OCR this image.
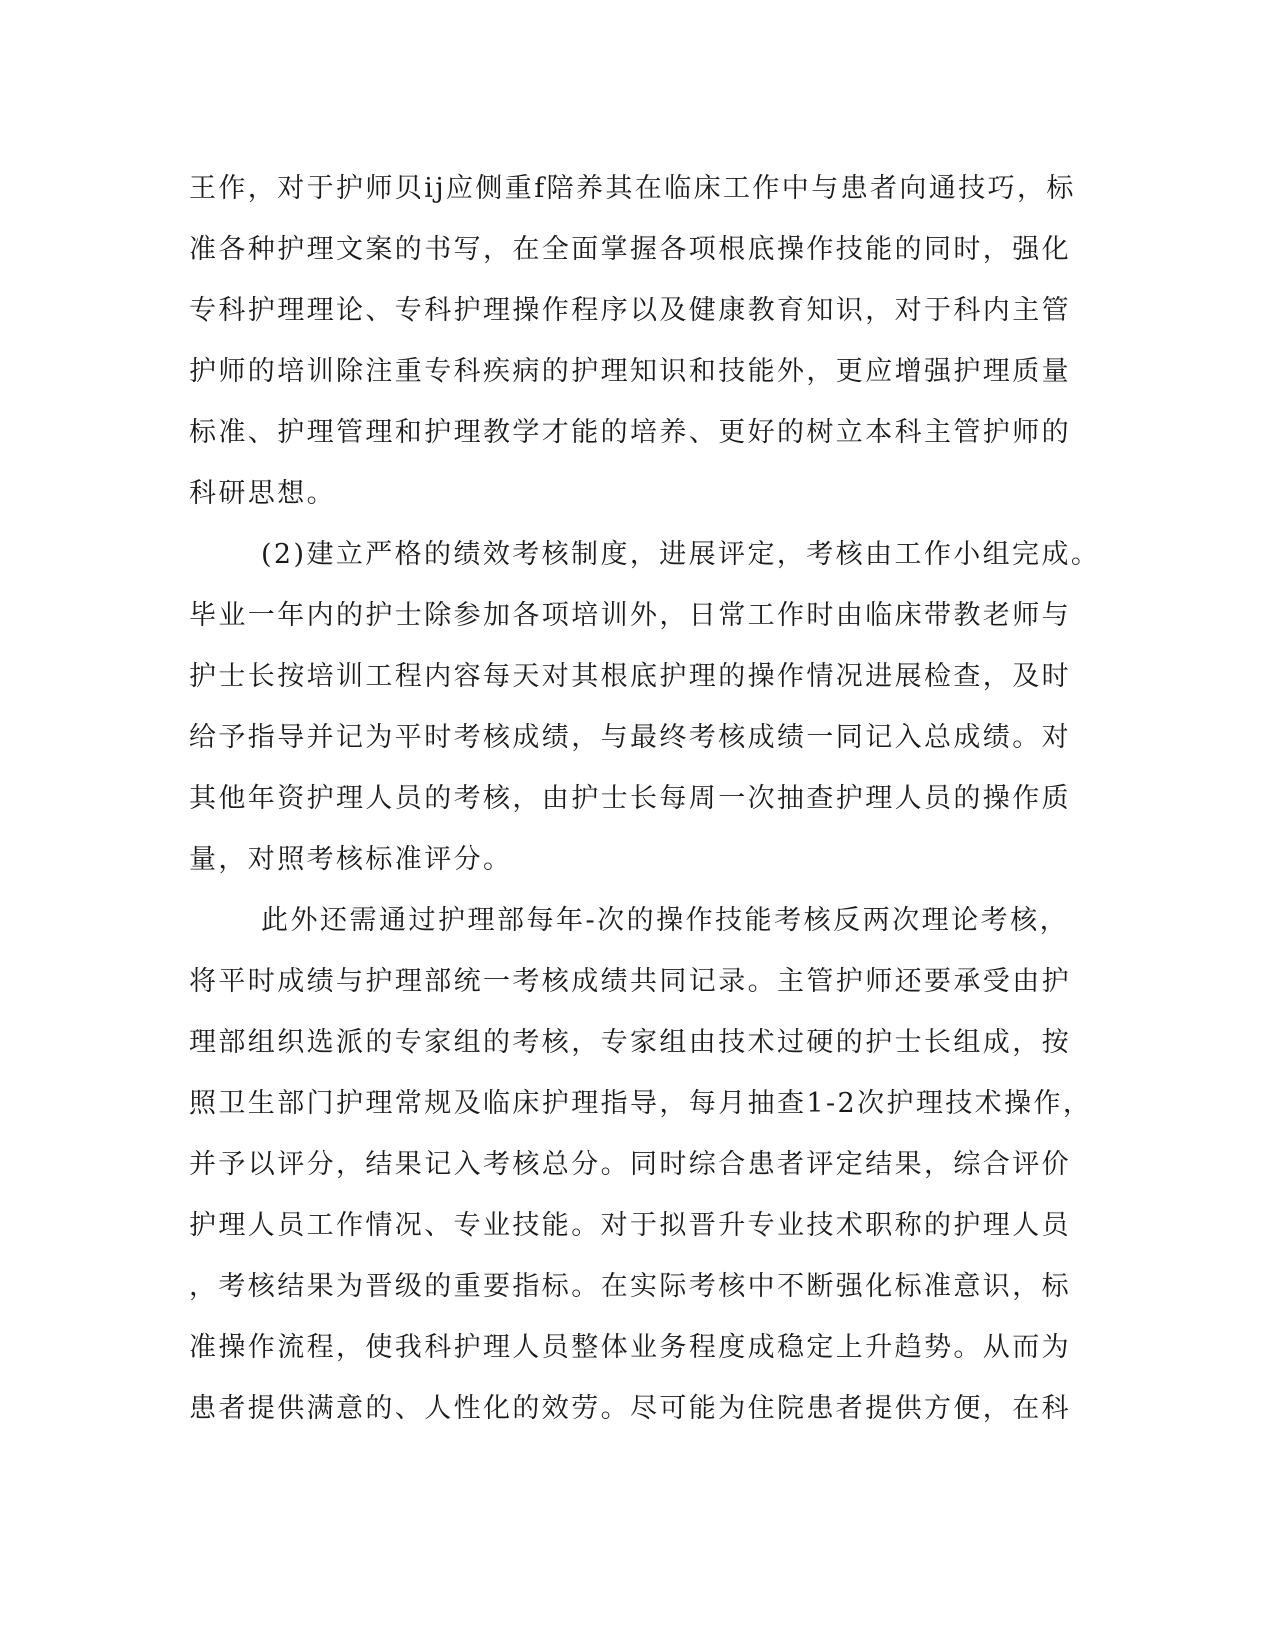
王作，对于护师贝ij应侧重f陪养其在临床工作中与患者向通技巧，标
准各种护理文案的书写，在全面掌握各项根底操作技能的同时，强化
专科护理理论、专科护理操作程序以及健康教育知识，对于科内主管
护师的培训除注重专科疾病的护理知识和技能外，更应增强护理质量
标准、护理管理和护理教学才能的培养、更好的树立本科主管护师的
科研思想。
(2)建立严格的绩效考核制度，进展评定，考核由工作小组完成。
毕业一年内的护士除参加各项培训外，日常工作时由临床带教老师与
护士长按培训工程内容每天对其根底护理的操作情况进展检查，及时
给予指导并记为平时考核成绩，与最终考核成绩一同记入总成绩。对
其他年资护理人员的考核，由护士长每周一次抽查护理人员的操作质
量，对照考核标准评分。
此外还需通过护理部每年-次的操作技能考核反两次理论考核，
将平时成绩与护理部统一考核成绩共同记录。主管护师还要承受由护
理部组织选派的专家组的考核，专家组由技术过硬的护士长组成，按
照卫生部门护理常规及临床护理指导，每月抽查1-2次护理技术操作，
并予以评分，结果记入考核总分。同时综合患者评定结果，综合评价
护理人员工作情况、专业技能。对于拟晋升专业技术职称的护理人员
，考核结果为晋级的重要指标。在实际考核中不断强化标准意识，标
准操作流程，使我科护理人员整体业务程度成稳定上升趋势。从而为
患者提供满意的、人性化的效劳。尽可能为住院患者提供方便，在科
